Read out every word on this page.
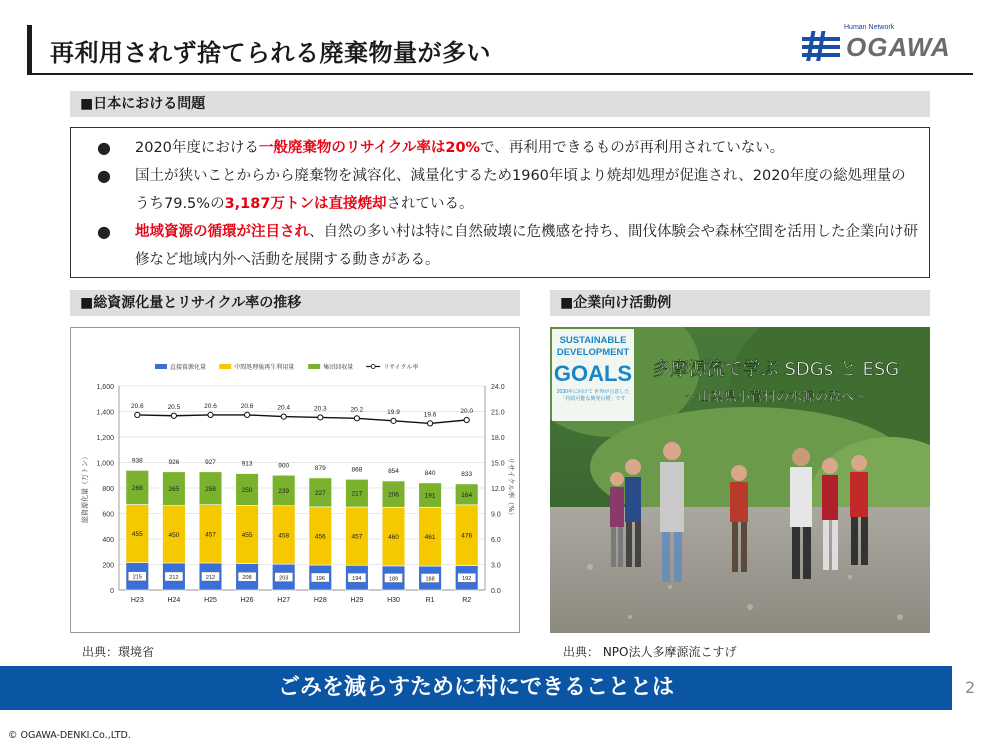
再利用されず捨てられる廃棄物量が多い
Human Network
OGAWA
■日本における問題
● 2020年度における一般廃棄物のリサイクル率は20%で、再利用できるものが再利用されていない。
● 国土が狭いことからから廃棄物を減容化、減量化するため1960年頃より焼却処理が促進され、2020年度の総処理量のうち79.5%の3,187万トンは直接焼却されている。
● 地域資源の循環が注目され、自然の多い村は特に自然破壊に危機感を持ち、間伐体験会や森林空間を活用した企業向け研修など地域内外へ活動を展開する動きがある。
■総資源化量とリサイクル率の推移
0
200
400
600
800
1,000
1,200
1,400
1,600
0.0
3.0
6.0
9.0
12.0
15.0
18.0
21.0
24.0
総資源化量（万トン）	リサイクル率（%）
215
455
268
938
H23
212
450
265
926
H24
212
457
258
927
H25
208
455
250
913
H26
203
458
239
900
H27
196
456
227
879
H28
194
457
217
868
H29
189
460
206
854
H30
188
461
191
840
R1
192
476
164
833
R2
20.6	20.5	20.6	20.6	20.4	20.3	20.2	19.9	19.6	20.0
直接資源化量	中間処理後再生利用量	集団回収量	リサイクル率
出典：環境省
■企業向け活動例
SUSTAINABLE
DEVELOPMENT
GOALS
2030年に向けて 世界が合意した「持続可能な開発目標」です
多摩源流で学ぶ SDGs と ESG
〜山梨県小菅村の水源の森へ〜
出典： NPO法人多摩源流こすげ
ごみを減らすために村にできることとは	2
© OGAWA-DENKI.Co.,LTD.
